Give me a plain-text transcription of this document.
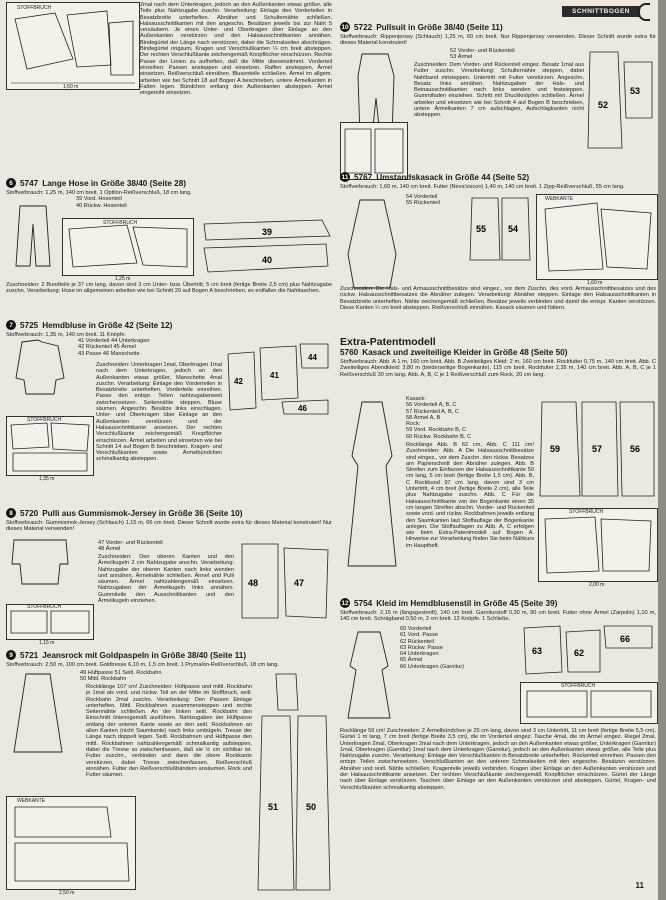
SCHNITTBOGEN
STOFFBRUCH
1,60 m

2mal nach dem Unterkragen, jedoch an den Außenkanten etwas größer, alle Teile plus Nahtzugabe zuschn. Verarbeitung: Einlage den Vorderteilen in Besatzbreite unterheften. Abnäher und Schulternähte schließen. Halsausschnittkanten mit den angeschn. Besätzen jeweils bis zur Naht 5 versäubern. Je einen Unter- und Oberkragen über Einlage an den Außenkanten verstürzen und den Halsausschnittkanten annähen. Bindegürtel der Länge nach verstürzen, dabei die Schmalseiten abschrägen. Bindegürtel ringsum, Kragen und Verschlußkanten ¼ cm breit absteppen. Der rechten Verschlußkante zeichengemäß Knopflöcher einschürzen. Rechte Passe der Linien zu aufheften, daß die Mitte übereinstimmt. Vorderteil einreihen. Passen ansteppen und einsetzen. Raffen ansteppen, Ärmel einsetzen. Reißverschluß einnähen. Blusenteile schließen. Ärmel im allgem. arbeiten wie bei Schnitt 18 auf Bogen A beschrieben, untere Ärmelkanten in Falten legen. Bündchen entlang den Außenkanten absteppen. Ärmel eingereiht einsetzen.

6 5747 Lange Hose in Größe 38/40 (Seite 28)

Stoffverbrauch: 1,25 m, 140 cm breit. 1 Optilon-Reißverschluß, 18 cm lang.

39 Vord. Hosenteil
40 Rückw. Hosenteil
STOFFBRUCH
1,25 m
39
40

Zuschneiden: 2 Bundteile je 37 cm lang, davon sind 3 cm Unter- bzw. Übertritt, 5 cm breit (fertige Breite 2,5 cm) plus Nahtzugabe zuschn. Verarbeitung: Hose im allgemeinen arbeiten wie bei Schnitt 20 auf Bogen A beschrieben, es entfallen die Nahttaschen.

7 5725 Hemdbluse in Größe 42 (Seite 12)

Stoffverbrauch: 1,35 m, 140 cm breit. 11 Knöpfe.

41 Vorderteil 44 Unterkragen
42 Rückenteil 45 Ärmel
43 Passe 46 Manschette
42
41
44
46

Zuschneiden: Unterkragen 1mal, Oberkragen 1mal nach dem Unterkragen, jedoch an den Außenkanten etwas größer, Manschette 4mal zuschn. Verarbeitung: Einlage den Vorderteilen in Besatzbreite unterheften. Vorderteile einreihen. Passe den entspr. Teilen nahtzugabenweit zwischensetzen. Seitennähte steppen. Bluse säumen. Angeschn. Besätze links einschlagen. Unter- und Oberkragen über Einlage an den Außenkanten verstürzen und der Halsausschnittkante ansetzen. Der rechten Verschlußkante zeichengemäß Knopflöcher einschürzen. Ärmel arbeiten und einsetzen wie bei Schnitt 14 auf Bogen B beschrieben. Kragen- und Verschlußkanten sowie Ärmelbündchen schmalkantig absteppen.

STOFFBRUCH
1,35 m
8 5720 Pulli aus Gummismok-Jersey in Größe 36 (Seite 10)

Stoffverbrauch: Gummismok-Jersey (Schlauch) 1,15 m, 66 cm breit. Dieser Schnitt wurde extra für dieses Material konstruiert! Nur dieses Material verwenden!

47 Vorder- und Rückenteil
48 Ärmel

Zuschneiden: Den oberen Kanten und den Ärmelkugeln 2 cm Nahtzugabe anschn. Verarbeitung: Nahtzugabe der oberen Kanten nach links wenden und annähen. Ärmelnähte schließen. Ärmel und Pulli säumen. Ärmel nahtzahlengemäß einsetzen. Nahtzugaben der Ärmelkugeln links annähen. Gummiteile den Ausschnittkanten und den Ärmelkugeln einziehen.

48	47
STOFFBRUCH
1,15 m
9 5721 Jeansrock mit Goldpaspeln in Größe 38/40 (Seite 11)

Stoffverbrauch: 2,50 m, 100 cm breit. Goldtresse 6,10 m, 1,5 cm breit. 1 Prymalon-Reißverschluß, 18 cm lang.

49 Hüftpasse 51 Seitl. Rockbahn
50 Mittl. Rockbahn

Rockklänge 107 cm! Zuschneiden: Hüftpasse und mittl. Rockbahn je 1mal als vord. und rückw. Teil an der Mitte im Stoffbruch, seitl. Rockbahn 2mal zuschn. Verarbeitung: Den Passen Einlage unterheften. Mittl. Rockbahnen zusammensteppen und rechte Seitennähte schließen. An der linken seitl. Rockbahn den Einschnitt linienogemäß ausführen. Nahtzugaben der Hüftpasse entlang der unteren Kante sowie an den seitl. Rockbahnen an allen Kanten (nicht Saumkante) nach links umbügeln. Tresse der Länge nach doppelt legen. Seitl. Rockbahnen und Hüftpasse den mittl. Rockbahnen nahtzahlengemäß schmalkantig aufsteppen, dabei die Tresse so zwischenfassen, daß sie ½ cm sichtbar ist. Futter zuschn., verbinden und dann die obere Rockkante verstürzen, dabei Tresse zwischenfassen. Reißverschluß einnähen. Futter den Reißverschlußbändern ansäumen. Rock und Futter säumen.

51	50
WEBKANTE
2,50 m
10 5722 Pullsuit in Größe 38/40 (Seite 11)

Stoffverbrauch: Rippenjersey (Schlauch) 1,25 m, 60 cm breit. Nur Rippenjersey verwenden. Dieser Schnitt wurde extra für dieses Material konstruiert!

52 Vorder- und Rückenteil
53 Ärmel

Zuschneiden: Dem Vorder- und Rückenteil eingez. Besatz 1mal aus Futter zuschn. Verarbeitung: Schulternähte steppen, dabei Nahtband mitsteppen. Untertritt mit Futter verstürzen. Angeschn. Besatz links annähen. Nahtzugaben der Hals- und Beinausschnittkanten nach links wenden und feststeppen. Gummifaden einziehen. Schritt mit Druckknöpfen schließen. Ärmel arbeiten und einsetzen wie bei Schnitt 4 auf Bogen B beschrieben, untere Ärmelkanten 7 cm aufschlagen, Aufschlagkanten nicht absteppen.

52
53
11 5767 Umstandskasack in Größe 44 (Seite 52)

Stoffverbrauch: 1,60 m, 140 cm breit. Futter (Neva'viscon) 1,40 m, 140 cm breit. 1 Zipp-Reißverschluß, 55 cm lang.

54 Vorderteil
55 Rückenteil

55 54
WEBKANTE
1,60 m

Zuschneiden: Die Hals- und Armausschnittbesätze sind eingez., vor dem Zuschn. des vord. Armausschnittbesatzes und des rückw. Halsausschnittbesatzes die Abnäher zulegen. Verarbeitung: Abnäher steppen. Einlage den Halsausschnittkanten in Besatzbreite unterheften. Nähte zeichengemäß schließen. Besätze jeweils verbinden und damit die entspr. Kanten verstürzen. Diese Kanten ¼ cm breit absteppen. Reißverschluß einnähen. Kasack säumen und füttern.

Extra-Patentmodell

5760 Kasack und zweiteilige Kleider in Größe 48 (Seite 50)

Stoffverbrauch: Abb. A 1 m, 160 cm breit. Abb. B Zweiteiliges Kleid: 2 m, 160 cm breit. Rockfutter 0,75 m, 140 cm breit. Abb. C Zweiteiliges Abendkleid: 3,80 m (beiderseitige Bogenkante), 115 cm breit. Rockfutter 2,35 m, 140 cm breit. Abb. A, B, C je 1 Reißverschluß 30 cm lang. Abb. A, B, C je 1 Reißverschluß zum Rock, 20 cm lang.

Kasack:
56 Vorderteil A, B, C
57 Rückenteil A, B, C
58 Ärmel A, B
Rock:
59 Vord. Rockbahn B, C
60 Rückw. Rockbahn B, C

Rocklänge Abb. B 62 cm, Abb. C 111 cm! Zuschneiden: Abb. A Die Halsausschnittbesätze sind eingez., vor dem Zuschn. den rückw. Besatzes am Papierschnitt den Abnäher zulegen. Abb. B Streifen zum Einfassen der Halsausschnittkante 50 cm lang, 5 cm breit (fertige Breite 1,5 cm). Abb. B, C Rockbund 97 cm lang, davon sind 3 cm Untertritt, 4 cm breit (fertige Breite 2 cm), alle Teile plus Nahtzugabe zuschn. Abb. C Für die Halsausschnittkante von der Bogenkante einen 35 cm langen Streifen abschn. Vorder- und Rückenteil sowie vord. und rückw. Rockbahnen jeweils entlang den Saumkanten laut Stoffauflage der Bogenkante anlegen. Die Stoffauflagen zu Abb. A, C erfolgen wie beim Extra-Patentmodell auf Bogen A. Hinweise zur Verarbeitung finden Sie beim Nähkurs im Hauptheft.

59	57	56
STOFFBRUCH
2,00 m
12 5754 Kleid im Hemdblusenstil in Größe 45 (Seite 39)

Stoffverbrauch: 2,15 m (längsgestreift), 140 cm breit. Garniturstoff 0,30 m, 90 cm breit. Futter ohne Ärmel (Zarpolin) 1,10 m, 140 cm breit. Schrägband 0,50 m, 2 cm breit. 12 Knöpfe. 1 Schließe.

60 Vorderteil
61 Vord. Passe
62 Rückenteil
63 Rückw. Passe
64 Unterkragen
65 Ärmel
66 Unterkragen (Garnitur)
63	62
66
STOFFBRUCH

Rocklänge 59 cm! Zuschneiden: 2 Ärmelbündchen je 25 cm lang, davon sind 3 cm Untertritt, 11 cm breit (fertige Breite 5,5 cm). Gürtel 1 m lang, 7 cm breit (fertige Breite 3,5 cm), die im Vorderteil eingez. Tasche 4mal, die im Ärmel eingez. Riegel 2mal, Unterkragen 2mal, Oberkragen 2mal nach dem Unterkragen, jedoch an den Außenkanten etwas größer, Unterkragen (Garnitur) 1mal, Oberkragen (Garnitur) 1mal nach dem Unterkragen (Garnitur), jedoch an den Außenkanten etwas größer, alle Teile plus Nahtzugabe zuschn. Verarbeitung: Einlage den Verschlußkanten in Besatzbreite unterheften. Rückenteil einreihen. Passen den entspr. Teilen zwischensetzen. Verschlußkanten an den unteren Schmalseiten mit den angeschn. Besätzen verstürzen. Abnäher und restl. Nähte schließen. Kragenteile jeweils verbinden. Kragen über Einlage an den Außenkanten verstürzen und der Halsausschnittkante ansetzen. Der rechten Verschlußkante zeichengemäß Knopflöcher einschürzen. Gürtel der Länge nach über Einlage verstürzen. Taschen über Einlage an den Außenkanten verstürzen und absteppen. Gürtel, Kragen- und Verschlußkanten schmalkantig absteppen.

11
